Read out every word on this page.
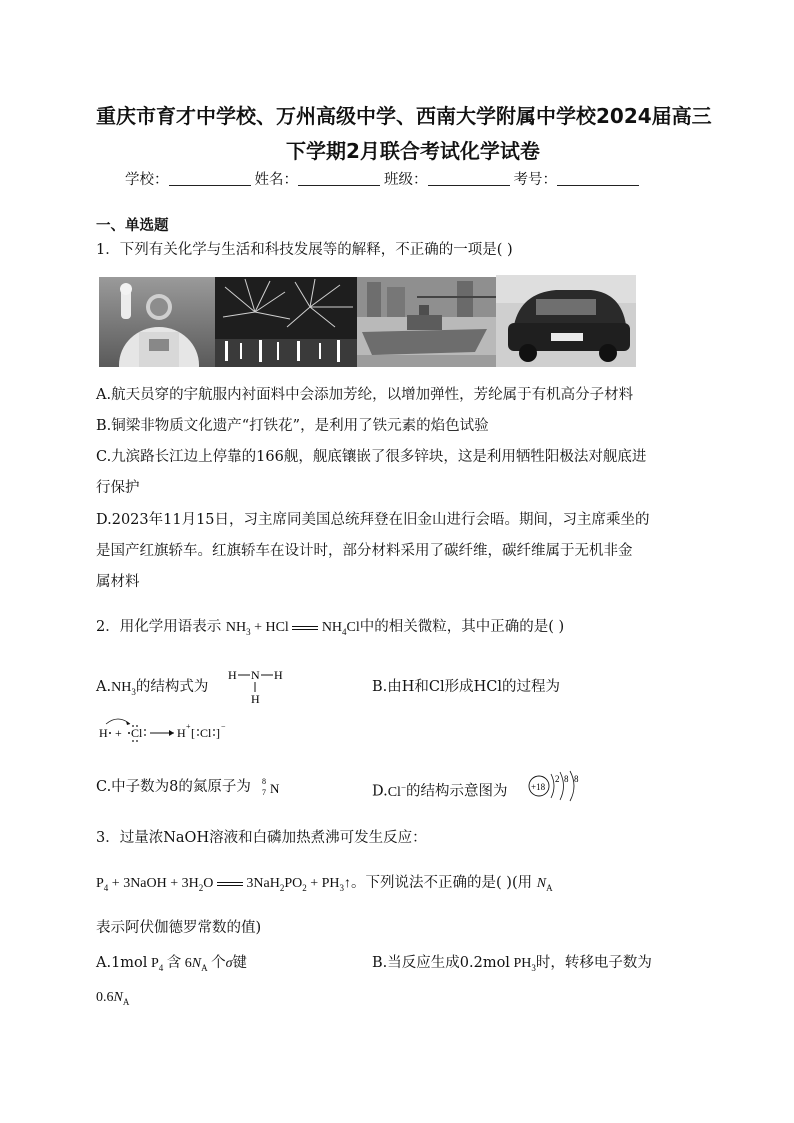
重庆市育才中学校、万州高级中学、西南大学附属中学校2024届高三
下学期2月联合考试化学试卷
学校：	姓名：	班级：	考号：
一、单选题
1．下列有关化学与生活和科技发展等的解释，不正确的一项是( )
A.航天员穿的宇航服内衬面料中会添加芳纶，以增加弹性，芳纶属于有机高分子材料
B.铜梁非物质文化遗产“打铁花”，是利用了铁元素的焰色试验
C.九滨路长江边上停靠的166舰，舰底镶嵌了很多锌块，这是利用牺牲阳极法对舰底进
行保护
D.2023年11月15日，习主席同美国总统拜登在旧金山进行会晤。期间，习主席乘坐的
是国产红旗轿车。红旗轿车在设计时，部分材料采用了碳纤维，碳纤维属于无机非金
属材料
2．用化学用语表示 $NH_3$ + HCl  $NH_4Cl$中的相关微粒，其中正确的是( )
$A.NH_3$的结构式为
H N H
H
B.由H和Cl形成HCl的过程为
H + Cl	H + [ Cl ] −
C.中子数为8的氮原子为 8
7 N	D.Cl−的结构示意图为	+18
2 8 8
3．过量浓NaOH溶液和白磷加热煮沸可发生反应：
$P_4$ + 3NaOH + $3H_2O$  $3NaH_2PO_2$ + $PH_3↑$。下列说法不正确的是( )(用 $N_A$
表示阿伏伽德罗常数的值)
A.1mol $P_4$ 含 $6N_A$ 个σ键	B.当反应生成0.2mol $PH_3$时，转移电子数为
$0.6N_A$
